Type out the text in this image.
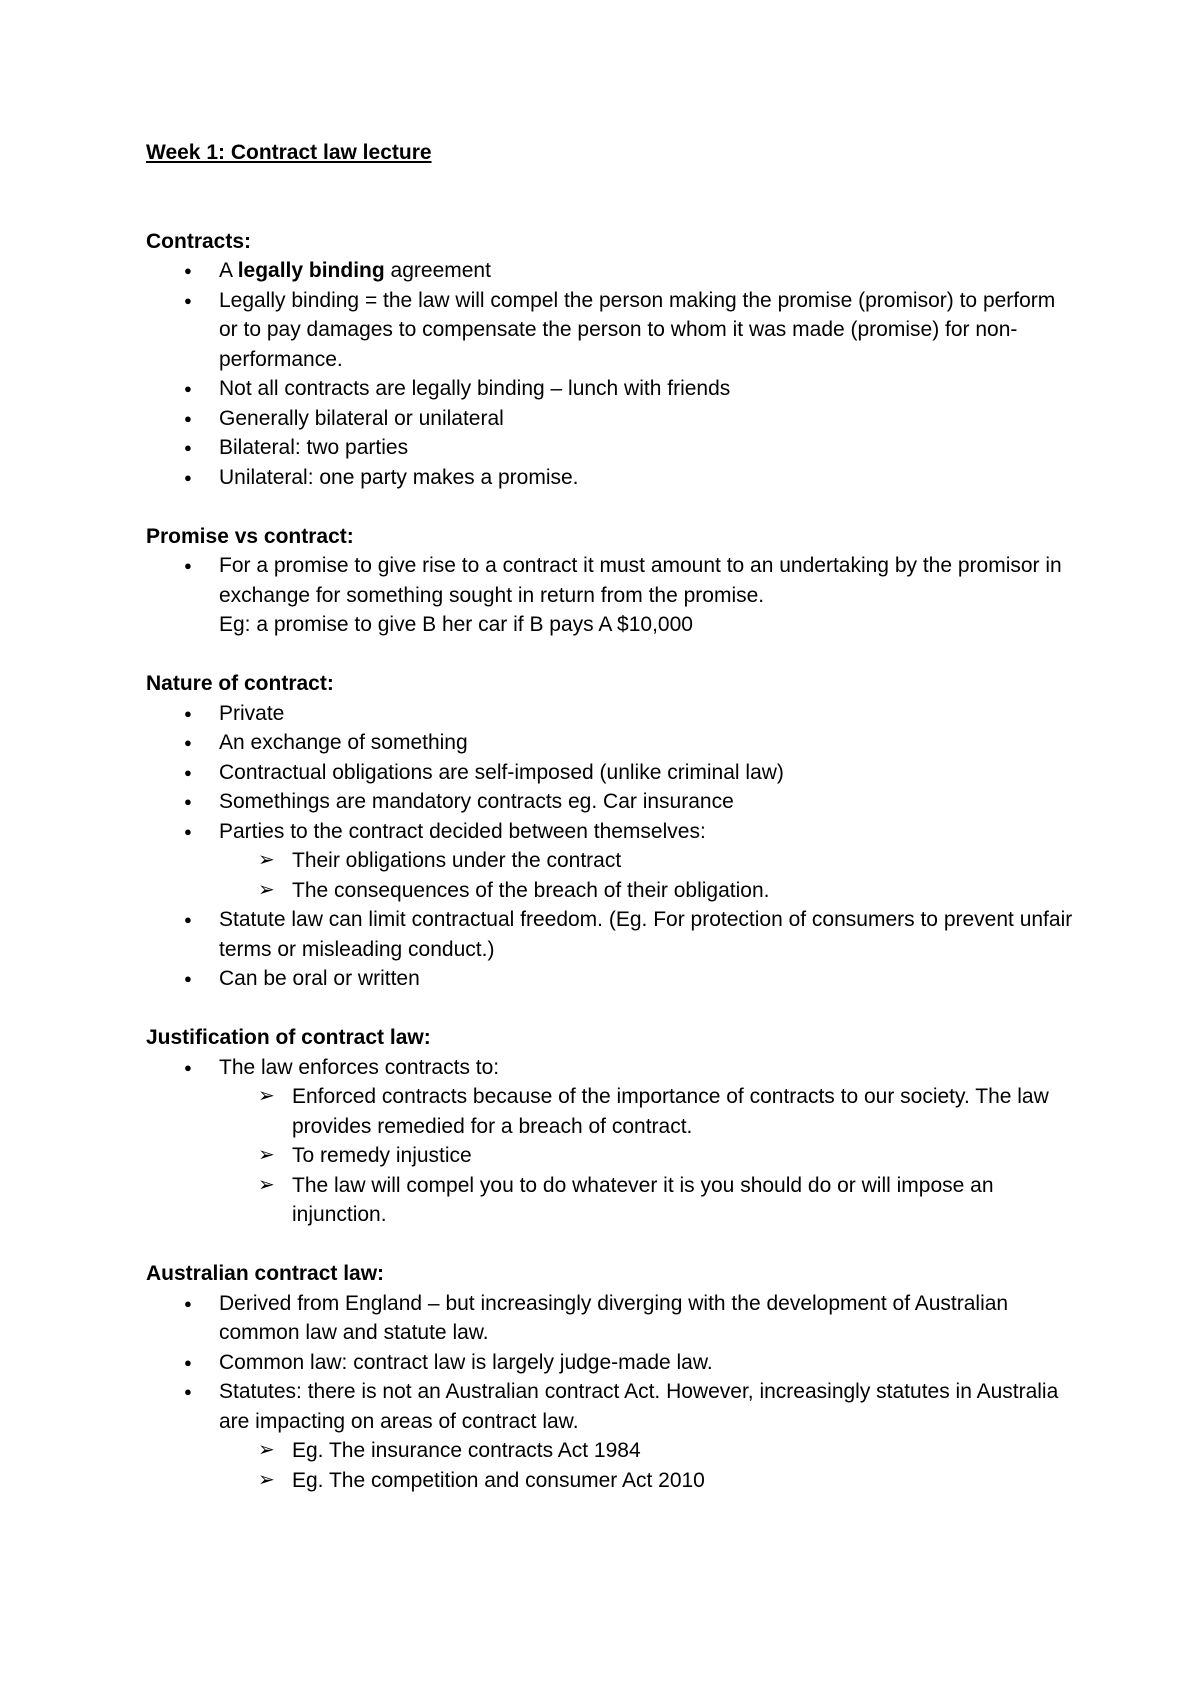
Week 1: Contract law lecture

Contracts:

● A legally binding agreement
● Legally binding = the law will compel the person making the promise (promisor) to perform or to pay damages to compensate the person to whom it was made (promise) for non-performance.
● Not all contracts are legally binding – lunch with friends
● Generally bilateral or unilateral
● Bilateral: two parties
● Unilateral: one party makes a promise.

Promise vs contract:

● For a promise to give rise to a contract it must amount to an undertaking by the promisor in exchange for something sought in return from the promise.

Eg: a promise to give B her car if B pays A $10,000

Nature of contract:

● Private
● An exchange of something
● Contractual obligations are self-imposed (unlike criminal law)
● Somethings are mandatory contracts eg. Car insurance
● Parties to the contract decided between themselves:
➢ Their obligations under the contract
➢ The consequences of the breach of their obligation.
● Statute law can limit contractual freedom. (Eg. For protection of consumers to prevent unfair terms or misleading conduct.)
● Can be oral or written

Justification of contract law:

● The law enforces contracts to:
➢ Enforced contracts because of the importance of contracts to our society. The law provides remedied for a breach of contract.
➢ To remedy injustice
➢ The law will compel you to do whatever it is you should do or will impose an injunction.

Australian contract law:

● Derived from England – but increasingly diverging with the development of Australian common law and statute law.
● Common law: contract law is largely judge-made law.
● Statutes: there is not an Australian contract Act. However, increasingly statutes in Australia are impacting on areas of contract law.
➢ Eg. The insurance contracts Act 1984
➢ Eg. The competition and consumer Act 2010
